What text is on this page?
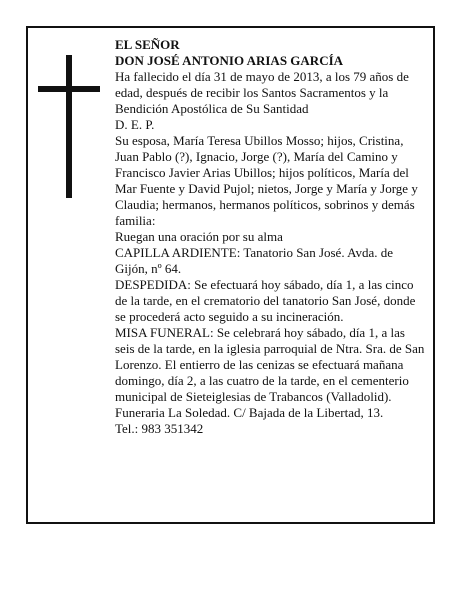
EL SEÑOR

DON JOSÉ ANTONIO ARIAS GARCÍA

Ha fallecido el día 31 de mayo de 2013, a los 79 años de edad, después de recibir los Santos Sacramentos y la Bendición Apostólica de Su Santidad

D. E. P.

Su esposa, María Teresa Ubillos Mosso; hijos, Cristina, Juan Pablo (?), Ignacio, Jorge (?), María del Camino y Francisco Javier Arias Ubillos; hijos políticos, María del Mar Fuente y David Pujol; nietos, Jorge y María y Jorge y Claudia; hermanos, hermanos políticos, sobrinos y demás familia:

Ruegan una oración por su alma

CAPILLA ARDIENTE: Tanatorio San José. Avda. de Gijón, nº 64.

DESPEDIDA: Se efectuará hoy sábado, día 1, a las cinco de la tarde, en el crematorio del tanatorio San José, donde se procederá acto seguido a su incineración.

MISA FUNERAL: Se celebrará hoy sábado, día 1, a las seis de la tarde, en la iglesia parroquial de Ntra. Sra. de San Lorenzo. El entierro de las cenizas se efectuará mañana domingo, día 2, a las cuatro de la tarde, en el cementerio municipal de Sieteiglesias de Trabancos (Valladolid).

Funeraria La Soledad. C/ Bajada de la Libertad, 13.

Tel.: 983 351342
